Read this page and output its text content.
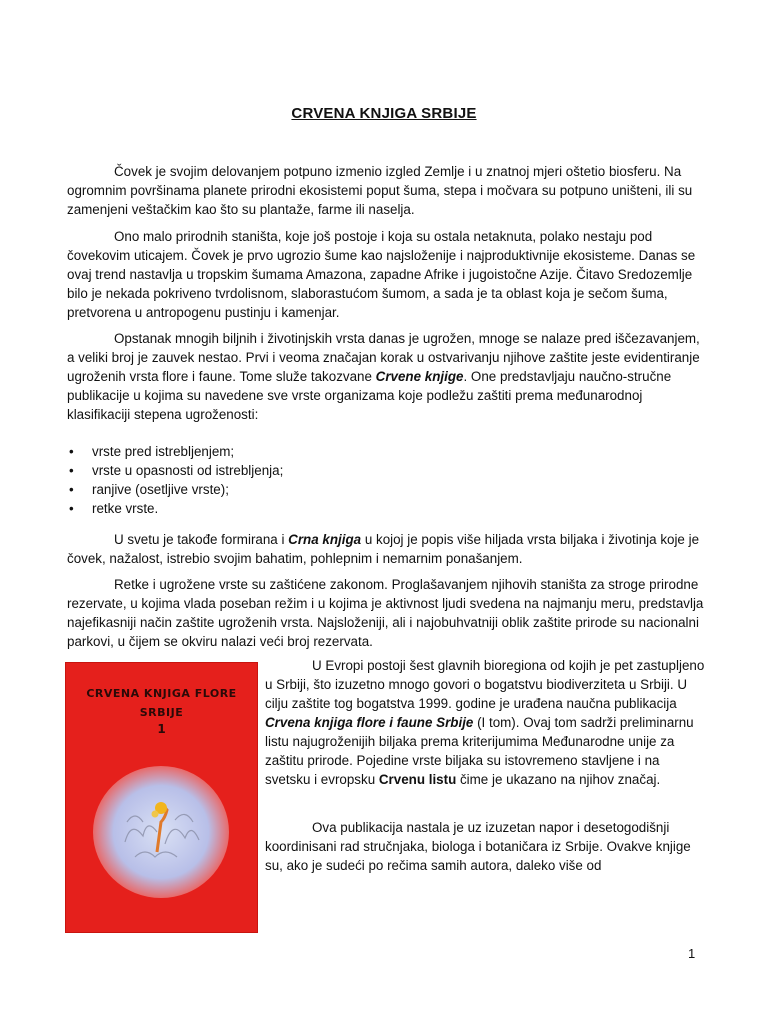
CRVENA KNJIGA SRBIJE

Čovek je svojim delovanjem potpuno izmenio izgled Zemlje i u znatnoj mjeri oštetio biosferu. Na ogromnim površinama planete prirodni ekosistemi poput šuma, stepa i močvara su potpuno uništeni, ili su zamenjeni veštačkim kao što su plantaže, farme ili naselja.

Ono malo prirodnih staništa, koje još postoje i koja su ostala netaknuta, polako nestaju pod čovekovim uticajem. Čovek je prvo ugrozio šume kao najsloženije i najproduktivnije ekosisteme. Danas se ovaj trend nastavlja u tropskim šumama Amazona, zapadne Afrike i jugoistočne Azije. Čitavo Sredozemlje bilo je nekada pokriveno tvrdolisnom, slaborastućom šumom, a sada je ta oblast koja je sečom šuma, pretvorena u antropogenu pustinju i kamenjar.

Opstanak mnogih biljnih i životinjskih vrsta danas je ugrožen, mnoge se nalaze pred iščezavanjem, a veliki broj je zauvek nestao. Prvi i veoma značajan korak u ostvarivanju njihove zaštite jeste evidentiranje ugroženih vrsta flore i faune. Tome služe takozvane Crvene knjige. One predstavljaju naučno-stručne publikacije u kojima su navedene sve vrste organizama koje podležu zaštiti prema međunarodnoj klasifikaciji stepena ugroženosti:

• vrste pred istrebljenjem;
• vrste u opasnosti od istrebljenja;
• ranjive (osetljive vrste);
• retke vrste.

U svetu je takođe formirana i Crna knjiga u kojoj je popis više hiljada vrsta biljaka i životinja koje je čovek, nažalost, istrebio svojim bahatim, pohlepnim i nemarnim ponašanjem.

Retke i ugrožene vrste su zaštićene zakonom. Proglašavanjem njihovih staništa za stroge prirodne rezervate, u kojima vlada poseban režim i u kojima je aktivnost ljudi svedena na najmanju meru, predstavlja najefikasniji način zaštite ugroženih vrsta. Najsloženiji, ali i najobuhvatniji oblik zaštite prirode su nacionalni parkovi, u čijem se okviru nalazi veći broj rezervata.

CRVENA KNJIGA FLORE SRBIJE
1

U Evropi postoji šest glavnih bioregiona od kojih je pet zastupljeno u Srbiji, što izuzetno mnogo govori o bogatstvu biodiverziteta u Srbiji. U cilju zaštite tog bogatstva 1999. godine je urađena naučna publikacija Crvena knjiga flore i faune Srbije (I tom). Ovaj tom sadrži preliminarnu listu najugroženijih biljaka prema kriterijumima Međunarodne unije za zaštitu prirode. Pojedine vrste biljaka su istovremeno stavljene i na svetsku i evropsku Crvenu listu čime je ukazano na njihov značaj.

Ova publikacija nastala je uz izuzetan napor i desetogodišnji koordinisani rad stručnjaka, biologa i botaničara iz Srbije. Ovakve knjige su, ako je sudeći po rečima samih autora, daleko više od

1
